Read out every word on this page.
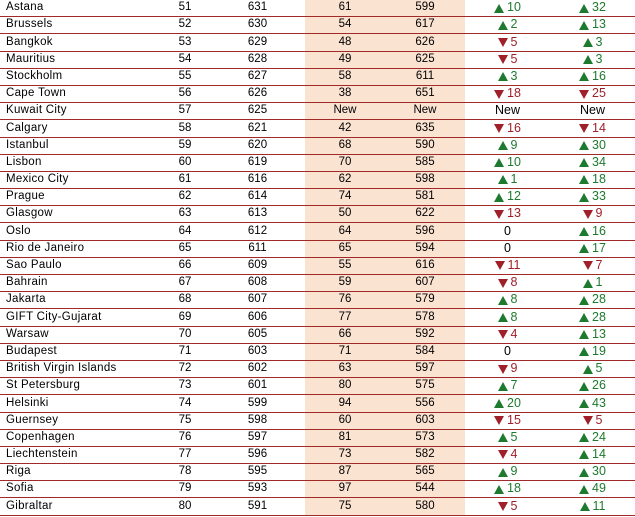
Astana	51	631	61	599	10	32
Brussels	52	630	54	617	2	13
Bangkok	53	629	48	626	5	3
Mauritius	54	628	49	625	5	3
Stockholm	55	627	58	611	3	16
Cape Town	56	626	38	651	18	25
Kuwait City	57	625	New	New	New	New
Calgary	58	621	42	635	16	14
Istanbul	59	620	68	590	9	30
Lisbon	60	619	70	585	10	34
Mexico City	61	616	62	598	1	18
Prague	62	614	74	581	12	33
Glasgow	63	613	50	622	13	9
Oslo	64	612	64	596	0	16
Rio de Janeiro	65	611	65	594	0	17
Sao Paulo	66	609	55	616	11	7
Bahrain	67	608	59	607	8	1
Jakarta	68	607	76	579	8	28
GIFT City-Gujarat	69	606	77	578	8	28
Warsaw	70	605	66	592	4	13
Budapest	71	603	71	584	0	19
British Virgin Islands	72	602	63	597	9	5
St Petersburg	73	601	80	575	7	26
Helsinki	74	599	94	556	20	43
Guernsey	75	598	60	603	15	5
Copenhagen	76	597	81	573	5	24
Liechtenstein	77	596	73	582	4	14
Riga	78	595	87	565	9	30
Sofia	79	593	97	544	18	49
Gibraltar	80	591	75	580	5	11
